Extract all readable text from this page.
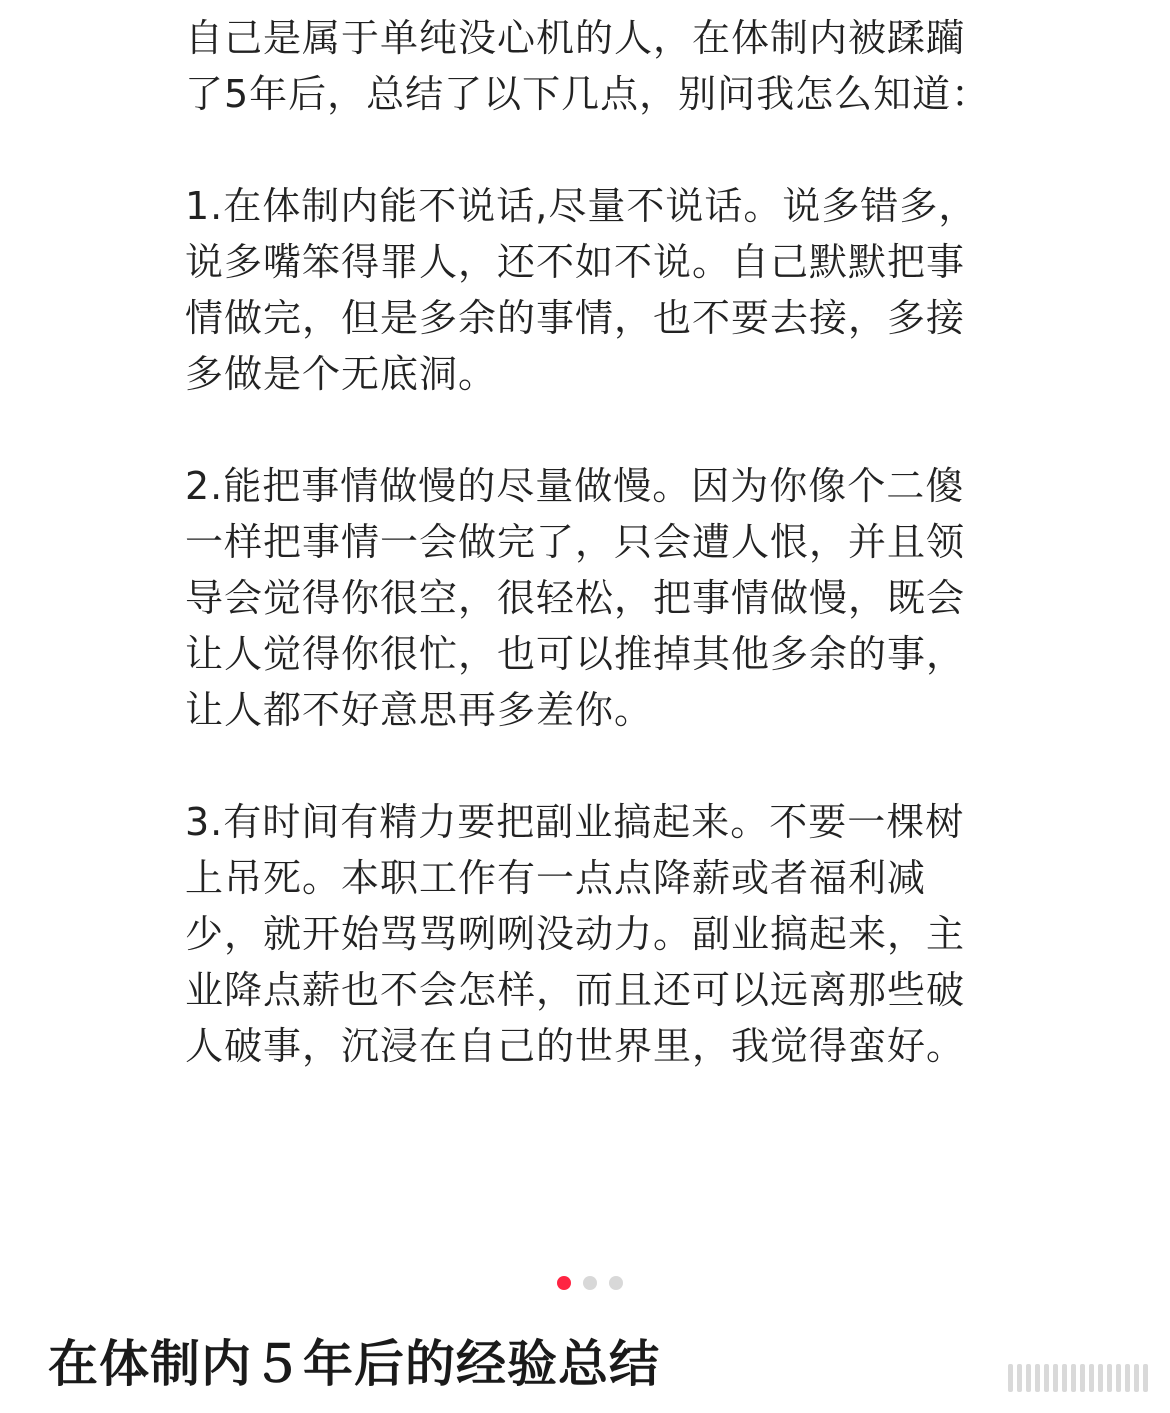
自己是属于单纯没心机的人，在体制内被蹂躏了5年后，总结了以下几点，别问我怎么知道：

1.在体制内能不说话,尽量不说话。说多错多，说多嘴笨得罪人，还不如不说。自己默默把事情做完，但是多余的事情，也不要去接，多接多做是个无底洞。

2.能把事情做慢的尽量做慢。因为你像个二傻一样把事情一会做完了，只会遭人恨，并且领导会觉得你很空，很轻松，把事情做慢，既会让人觉得你很忙，也可以推掉其他多余的事，让人都不好意思再多差你。

3.有时间有精力要把副业搞起来。不要一棵树上吊死。本职工作有一点点降薪或者福利减少，就开始骂骂咧咧没动力。副业搞起来，主业降点薪也不会怎样，而且还可以远离那些破人破事，沉浸在自己的世界里，我觉得蛮好。

在体制内５年后的经验总结
